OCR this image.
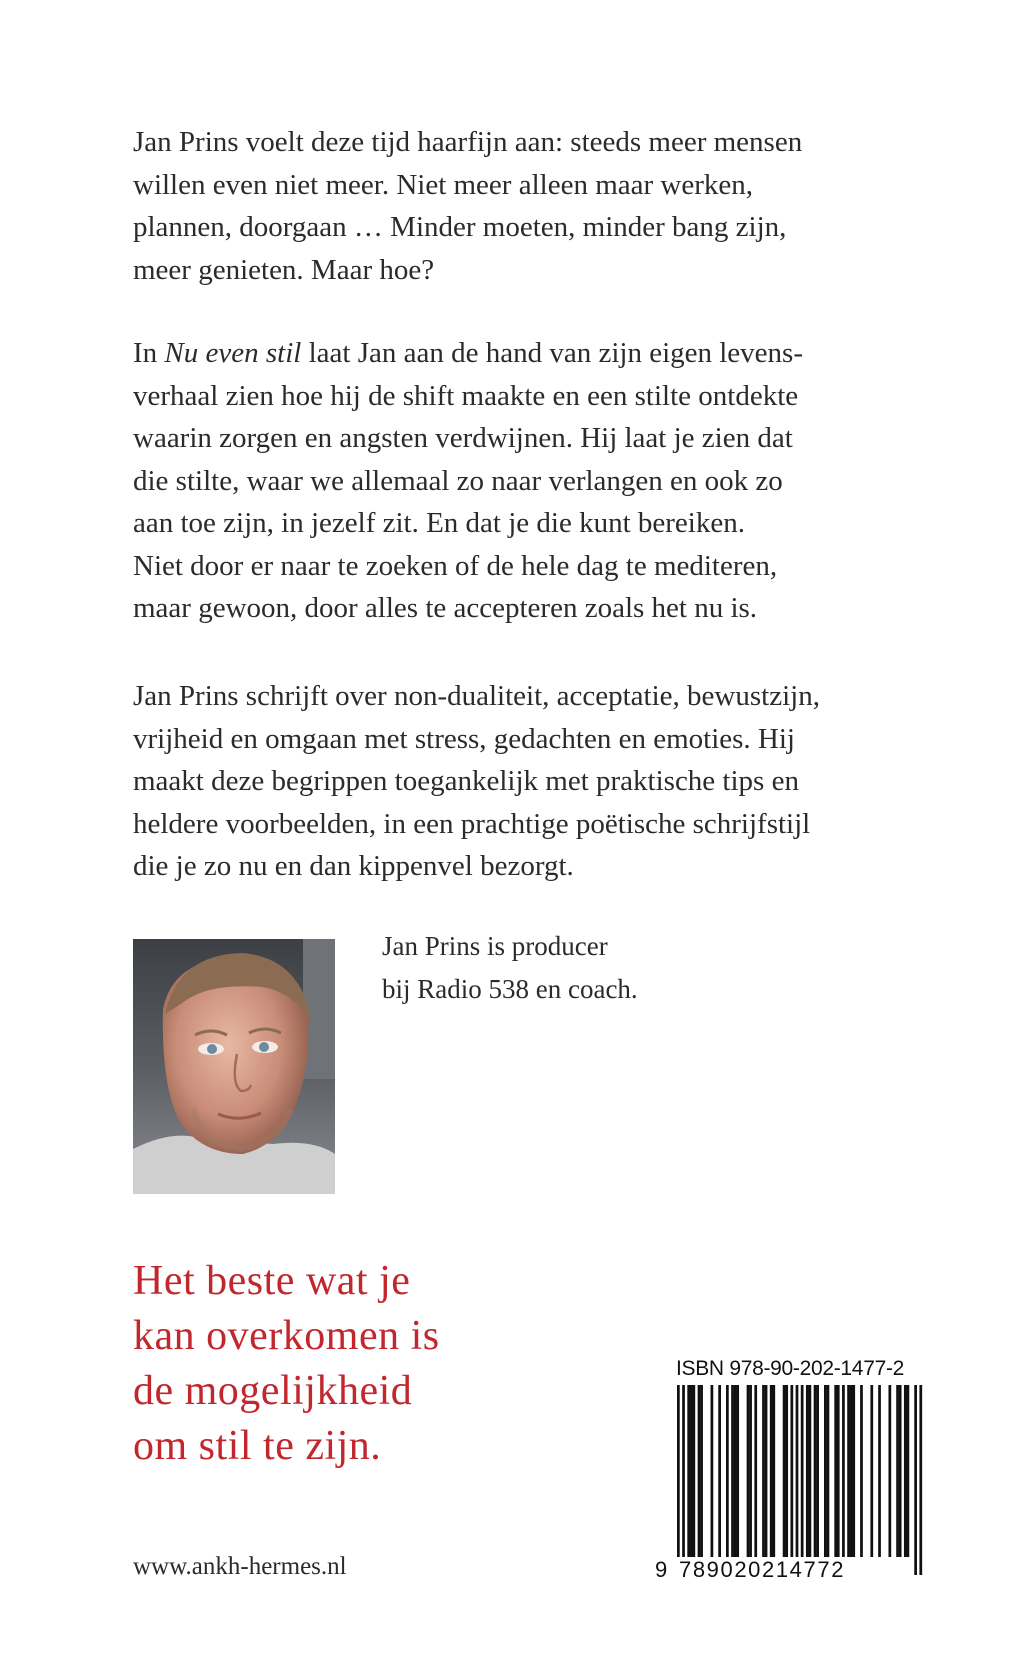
Jan Prins voelt deze tijd haarfijn aan: steeds meer mensen
willen even niet meer. Niet meer alleen maar werken,
plannen, doorgaan … Minder moeten, minder bang zijn,
meer genieten. Maar hoe?
In Nu even stil laat Jan aan de hand van zijn eigen levens-
verhaal zien hoe hij de shift maakte en een stilte ontdekte
waarin zorgen en angsten verdwijnen. Hij laat je zien dat
die stilte, waar we allemaal zo naar verlangen en ook zo
aan toe zijn, in jezelf zit. En dat je die kunt bereiken.
Niet door er naar te zoeken of de hele dag te mediteren,
maar gewoon, door alles te accepteren zoals het nu is.
Jan Prins schrijft over non-dualiteit, acceptatie, bewustzijn,
vrijheid en omgaan met stress, gedachten en emoties. Hij
maakt deze begrippen toegankelijk met praktische tips en
heldere voorbeelden, in een prachtige poëtische schrijfstijl
die je zo nu en dan kippenvel bezorgt.
Jan Prins is producer
bij Radio 538 en coach.
Het beste wat je
kan overkomen is
de mogelijkheid
om stil te zijn.
ISBN 978-90-202-1477-2
9 789020214772
www.ankh-hermes.nl
